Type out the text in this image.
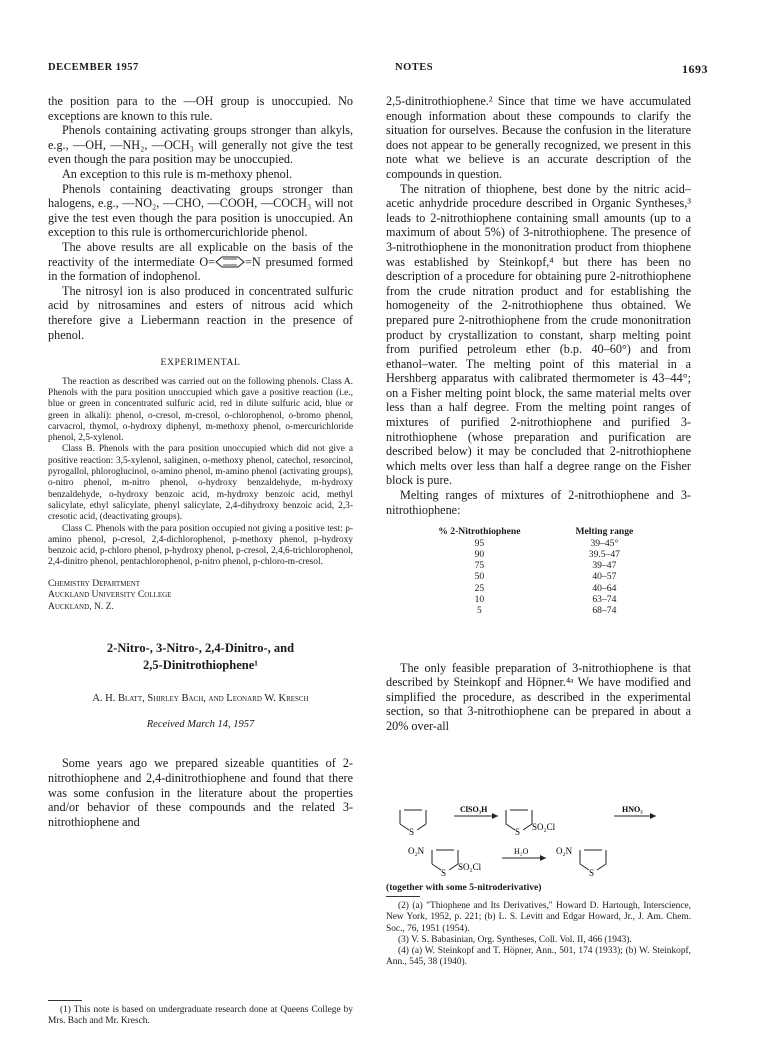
DECEMBER 1957	NOTES	1693

the position para to the —OH group is unoccupied. No exceptions are known to this rule.

Phenols containing activating groups stronger than alkyls, e.g., —OH, —NH₂, —OCH₃ will generally not give the test even though the para position may be unoccupied.

An exception to this rule is m-methoxy phenol.

Phenols containing deactivating groups stronger than halogens, e.g., —NO₂, —CHO, —COOH, —COCH₃ will not give the test even though the para position is unoccupied. An exception to this rule is orthomercurichloride phenol.

The above results are all explicable on the basis of the reactivity of the intermediate O= =N presumed formed in the formation of indophenol.

The nitrosyl ion is also produced in concentrated sulfuric acid by nitrosamines and esters of nitrous acid which therefore give a Liebermann reaction in the presence of phenol.

EXPERIMENTAL

The reaction as described was carried out on the following phenols. Class A. Phenols with the para position unoccupied which gave a positive reaction (i.e., blue or green in concentrated sulfuric acid, red in dilute sulfuric acid, blue or green in alkali): phenol, o-cresol, m-cresol, o-chlorophenol, o-bromo phenol, carvacrol, thymol, o-hydroxy diphenyl, m-methoxy phenol, o-mercurichloride phenol, 2,5-xylenol.

Class B. Phenols with the para position unoccupied which did not give a positive reaction: 3,5-xylenol, saliginen, o-methoxy phenol, catechol, resorcinol, pyrogallol, phloroglucinol, o-amino phenol, m-amino phenol (activating groups), o-nitro phenol, m-nitro phenol, o-hydroxy benzaldehyde, m-hydroxy benzaldehyde, o-hydroxy benzoic acid, m-hydroxy benzoic acid, methyl salicylate, ethyl salicylate, phenyl salicylate, 2,4-dihydroxy benzoic acid, 2,3-cresotic acid, (deactivating groups).

Class C. Phenols with the para position occupied not giving a positive test: p-amino phenol, p-cresol, 2,4-dichlorophenol, p-methoxy phenol, p-hydroxy benzoic acid, p-chloro phenol, p-hydroxy phenol, p-cresol, 2,4,6-trichlorophenol, 2,4-dinitro phenol, pentachlorophenol, p-nitro phenol, p-chloro-m-cresol.

Chemistry Department
Auckland University College
Auckland, N. Z.
2-Nitro-, 3-Nitro-, 2,4-Dinitro-, and
2,5-Dinitrothiophene¹
A. H. Blatt, Shirley Bach, and Leonard W. Kresch
Received March 14, 1957

Some years ago we prepared sizeable quantities of 2-nitrothiophene and 2,4-dinitrothiophene and found that there was some confusion in the literature about the properties and/or behavior of these compounds and the related 3-nitrothiophene and

(1) This note is based on undergraduate research done at Queens College by Mrs. Bach and Mr. Kresch.

2,5-dinitrothiophene.² Since that time we have accumulated enough information about these compounds to clarify the situation for ourselves. Because the confusion in the literature does not appear to be generally recognized, we present in this note what we believe is an accurate description of the compounds in question.

The nitration of thiophene, best done by the nitric acid–acetic anhydride procedure described in Organic Syntheses,³ leads to 2-nitrothiophene containing small amounts (up to a maximum of about 5%) of 3-nitrothiophene. The presence of 3-nitrothiophene in the mononitration product from thiophene was established by Steinkopf,⁴ but there has been no description of a procedure for obtaining pure 2-nitrothiophene from the crude nitration product and for establishing the homogeneity of the 2-nitrothiophene thus obtained. We prepared pure 2-nitrothiophene from the crude mononitration product by crystallization to constant, sharp melting point from purified petroleum ether (b.p. 40–60°) and from ethanol–water. The melting point of this material in a Hershberg apparatus with calibrated thermometer is 43–44°; on a Fisher melting point block, the same material melts over less than a half degree. From the melting point ranges of mixtures of purified 2-nitrothiophene and purified 3-nitrothiophene (whose preparation and purification are described below) it may be concluded that 2-nitrothiophene which melts over less than half a degree range on the Fisher block is pure.

Melting ranges of mixtures of 2-nitrothiophene and 3-nitrothiophene:

% 2-Nitrothiophene	Melting range
95	39–45°
90	39.5–47
75	39–47
50	40–57
25	40–64
10	63–74
5	68–74

The only feasible preparation of 3-nitrothiophene is that described by Steinkopf and Höpner.⁴ᵃ We have modified and simplified the procedure, as described in the experimental section, so that 3-nitrothiophene can be prepared in about a 20% over-all

S
ClSO₃H
S SO₂Cl
HNO₃
O₂N
S
SO₂Cl
H₂O	O₂N
S
(together with some 5-nitroderivative)

(2) (a) "Thiophene and Its Derivatives," Howard D. Hartough, Interscience, New York, 1952, p. 221; (b) L. S. Levitt and Edgar Howard, Jr., J. Am. Chem. Soc., 76, 1951 (1954).

(3) V. S. Babasinian, Org. Syntheses, Coll. Vol. II, 466 (1943).

(4) (a) W. Steinkopf and T. Höpner, Ann., 501, 174 (1933); (b) W. Steinkopf, Ann., 545, 38 (1940).
